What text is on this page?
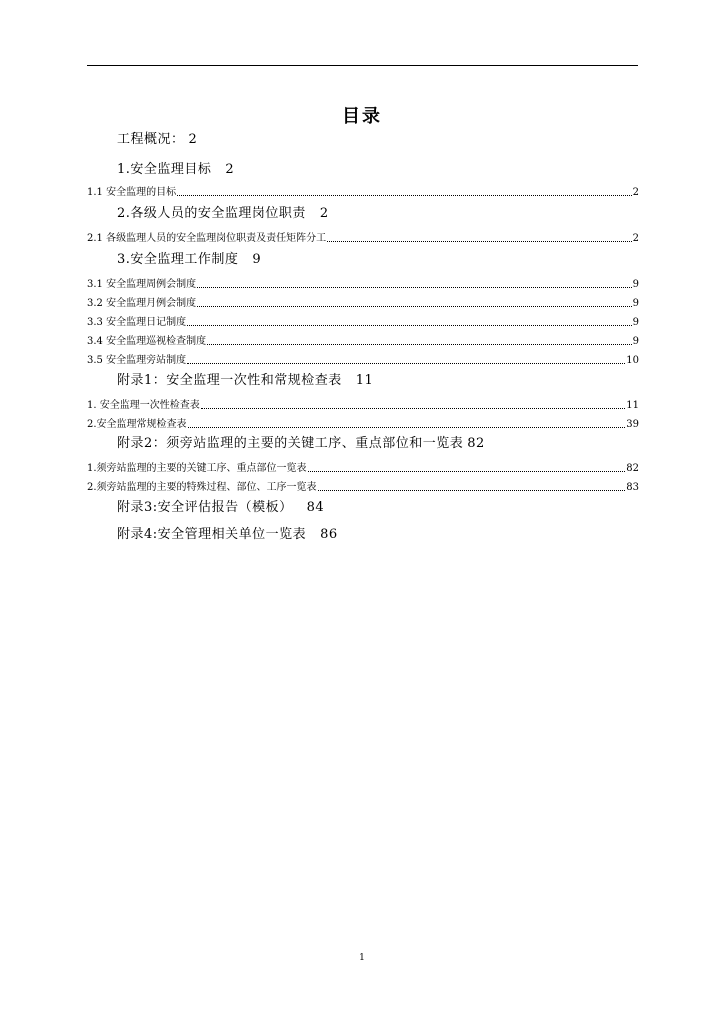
目录
工程概况： 2
1.安全监理目标 2
1.1 安全监理的目标	2
2.各级人员的安全监理岗位职责 2
2.1 各级监理人员的安全监理岗位职责及责任矩阵分工	2
3.安全监理工作制度 9
3.1 安全监理周例会制度	9
3.2 安全监理月例会制度	9
3.3 安全监理日记制度	9
3.4 安全监理巡视检查制度	9
3.5 安全监理旁站制度	10
附录1：安全监理一次性和常规检查表 11
1. 安全监理一次性检查表	11
2.安全监理常规检查表	39
附录2：须旁站监理的主要的关键工序、重点部位和一览表 82
1.须旁站监理的主要的关键工序、重点部位一览表	82
2.须旁站监理的主要的特殊过程、部位、工序一览表	83
附录3:安全评估报告（模板） 84
附录4:安全管理相关单位一览表 86
1
